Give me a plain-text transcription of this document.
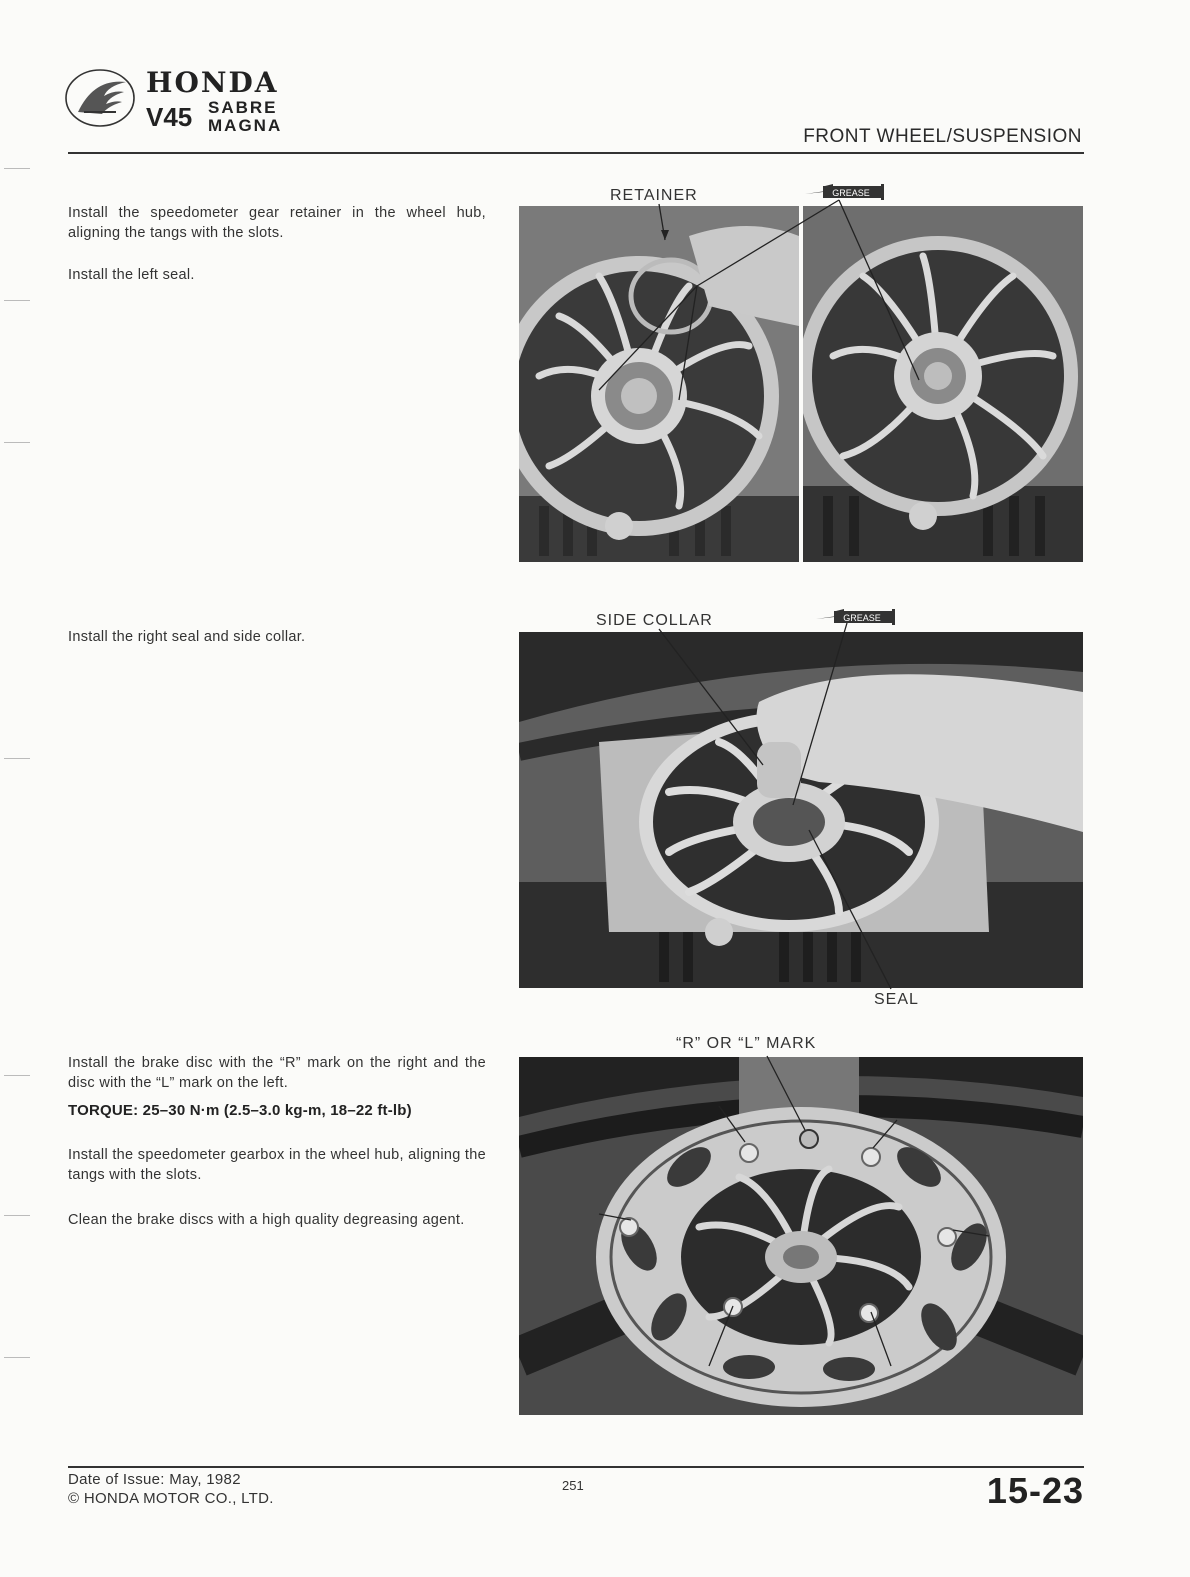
HONDA
V45 SABRE
MAGNA
FRONT WHEEL/SUSPENSION
Install the speedometer gear retainer in the wheel hub, aligning the tangs with the slots.
Install the left seal.
Install the right seal and side collar.
Install the brake disc with the “R” mark on the right and the disc with the “L” mark on the left.
TORQUE: 25–30 N·m (2.5–3.0 kg-m, 18–22 ft-lb)
Install the speedometer gearbox in the wheel hub, aligning the tangs with the slots.
Clean the brake discs with a high quality degreasing agent.
RETAINER	GREASE
SIDE COLLAR	GREASE
SEAL
“R” OR “L” MARK
Date of Issue: May, 1982
© HONDA MOTOR CO., LTD.
251	15-23
